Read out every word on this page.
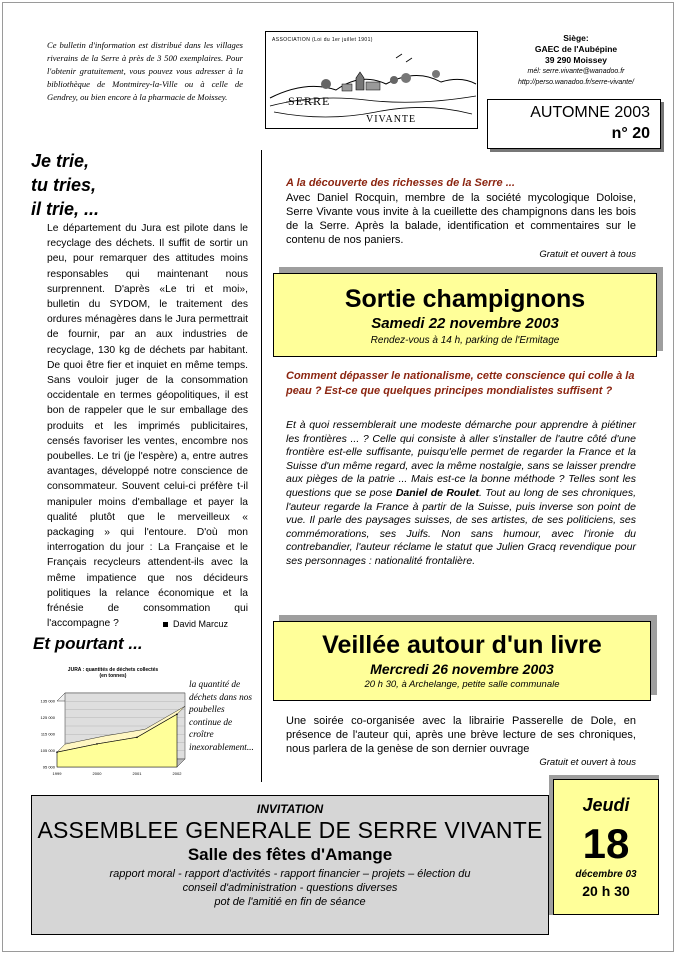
Ce bulletin d'information est distribué dans les villages riverains de la Serre à près de 3 500 exemplaires. Pour l'obtenir gratuitement, vous pouvez vous adresser à la bibliothèque de Montmirey-la-Ville ou à celle de Gendrey, ou bien encore à la pharmacie de Moissey.

ASSOCIATION (Loi du 1er juillet 1901)
SERRE
VIVANTE
Siège:
GAEC de l'Aubépine
39 290 Moissey
mél: serre.vivante@wanadoo.fr
http://perso.wanadoo.fr/serre-vivante/
AUTOMNE 2003
n° 20
Je trie,
tu tries,
il trie, ...

Le département du Jura est pilote dans le recyclage des déchets. Il suffit de sortir un peu, pour remarquer des attitudes moins responsables qui maintenant nous surprennent. D'après «Le tri et moi», bulletin du SYDOM, le traitement des ordures ménagères dans le Jura permettrait de fournir, par an aux industries de recyclage, 130 kg de déchets par habitant. De quoi être fier et inquiet en même temps. Sans vouloir juger de la consommation occidentale en termes géopolitiques, il est bon de rappeler que le sur emballage des produits et les imprimés publicitaires, censés favoriser les ventes, encombre nos poubelles. Le tri (je l'espère) a, entre autres avantages, développé notre conscience de consommateur. Souvent celui-ci préfère t-il manipuler moins d'emballage et payer la qualité plutôt que le merveilleux « packaging » qui l'entoure. D'où mon interrogation du jour : La Française et le Français recycleurs attendent-ils avec la même impatience que nos décideurs politiques la relance économique et la frénésie de consommation qui l'accompagne ?	David Marcuz
Et pourtant ...
JURA : quantités de déchets collectés
(en tonnes)
95 000
105 000
115 000
125 000
135 000
1999	2000	2001	2002

la quantité de déchets dans nos poubelles continue de croître inexorablement...

A la découverte des richesses de la Serre ...

Avec Daniel Rocquin, membre de la société mycologique Doloise, Serre Vivante vous invite à la cueillette des champignons dans les bois de la Serre. Après la balade, identification et commentaires sur le contenu de nos paniers.

Gratuit et ouvert à tous
Sortie champignons
Samedi 22 novembre 2003
Rendez-vous à 14 h, parking de l'Ermitage
Comment dépasser le nationalisme, cette conscience qui colle à la peau ? Est-ce que quelques principes mondialistes suffisent ?

Et à quoi ressemblerait une modeste démarche pour apprendre à piétiner les frontières ... ? Celle qui consiste à aller s'installer de l'autre côté d'une frontière est-elle suffisante, puisqu'elle permet de regarder la France et la Suisse d'un même regard, avec la même nostalgie, sans se laisser prendre aux pièges de la patrie ... Mais est-ce la bonne méthode ? Telles sont les questions que se pose Daniel de Roulet. Tout au long de ses chroniques, l'auteur regarde la France à partir de la Suisse, puis inverse son point de vue. Il parle des paysages suisses, de ses artistes, de ses politiciens, ses commémorations, ses Juifs. Non sans humour, avec l'ironie du contrebandier, l'auteur réclame le statut que Julien Gracq revendique pour ses personnages : nationalité frontalière.

Veillée autour d'un livre
Mercredi 26 novembre 2003
20 h 30, à Archelange, petite salle communale

Une soirée co-organisée avec la librairie Passerelle de Dole, en présence de l'auteur qui, après une brève lecture de ses chroniques, nous parlera de la genèse de son dernier ouvrage

Gratuit et ouvert à tous
INVITATION
ASSEMBLEE GENERALE DE SERRE VIVANTE
Salle des fêtes d'Amange
rapport moral - rapport d'activités - rapport financier – projets – élection du
conseil d'administration - questions diverses
pot de l'amitié en fin de séance
Jeudi
18
décembre 03
20 h 30
